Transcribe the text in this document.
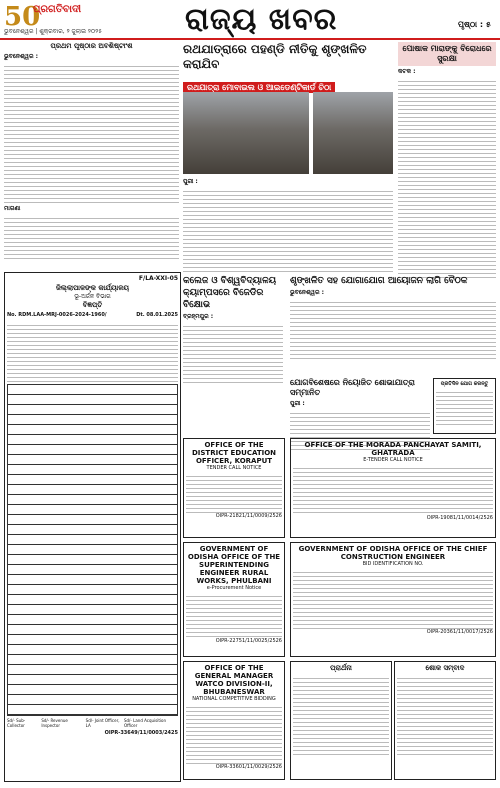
50
ପ୍ରଗତିବାଦୀ
ଭୁବନେଶ୍ୱର | ଶୁକ୍ରବାର, ୨ ଜୁଲାଇ ୨୦୨୫	ରାଜ୍ୟ ଖବର	ପୃଷ୍ଠା : ୫
ପ୍ରଥମ ପୃଷ୍ଠାର ଅବଶିଷ୍ଟାଂଶ
ଭୁବନେଶ୍ୱର :
ମାଗଣା
F/LA-XXI-05
ଜିଲ୍ଲାପାଳଙ୍କ କାର୍ଯ୍ୟାଳୟ
ଭୂ-ଅର୍ଜନ ବିଭାଗ
ବିଜ୍ଞପ୍ତି
No. RDM.LAA-MRJ-0026-2024-1960/	Dt. 08.01.2025
Sd/- Sub-Collector
Sd/- Revenue Inspector
Sd/- Joint Officer, LA
Sd/- Land Acquisition Officer
OIPR-33649/11/0003/2425
ରଥଯାତ୍ରାରେ ପହଣ୍ଡି ନୀତିକୁ ଶୃଙ୍ଖଳିତ କରାଯିବ
ରଥଯାତ୍ରା ମୋବାଇଲ ଓ ଆଇଡେଣ୍ଟିକାର୍ଡ ଚିଠା
ପୁରୀ :
ପୋଷାକ ମାରାଙ୍କୁ ବିରୋଧରେ ସୁରକ୍ଷା
କଟକ :
କଲେଜ ଓ ବିଶ୍ୱବିଦ୍ୟାଳୟ କ୍ୟାମ୍ପସରେ ବିଜେଡିର ବିକ୍ଷୋଭ
ବ୍ରହ୍ମପୁର :
ଶୃଙ୍ଖଳିତ ସହ ଯୋଗାଯୋଗ ଆୟୋଜନ ଲାଗି ବୈଠକ
ଭୁବନେଶ୍ୱର :
ଯୋଗବିଶେଷରେ ନିୟୋଜିତ ଶୋଭାଯାତ୍ରା ସମ୍ମାନିତ
ପୁରୀ :
OFFICE OF THE DISTRICT EDUCATION OFFICER, KORAPUT
TENDER CALL NOTICE
OIPR-21821/11/0009/2526
OFFICE OF THE MORADA PANCHAYAT SAMITI, GHATRADA
E-TENDER CALL NOTICE
OIPR-19081/11/0014/2526
GOVERNMENT OF ODISHA OFFICE OF THE SUPERINTENDING ENGINEER RURAL WORKS, PHULBANI
e-Procurement Notice
OIPR-22751/11/0025/2526
GOVERNMENT OF ODISHA OFFICE OF THE CHIEF CONSTRUCTION ENGINEER
BID IDENTIFICATION NO.
OIPR-20361/11/0017/2526
OFFICE OF THE GENERAL MANAGER WATCO DIVISION-II, BHUBANESWAR
NATIONAL COMPETITIVE BIDDING
OIPR-33601/11/0029/2526
ପ୍ରାର୍ଥନା	ଶୋକ ସମ୍ବାଦ
ପ୍ରତିଦିନ ଯୋଗ କରନ୍ତୁ
